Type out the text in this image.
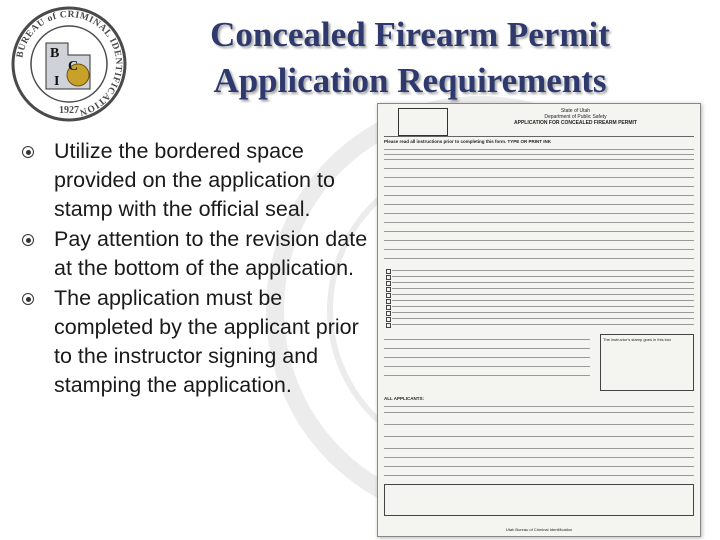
BUREAU of CRIMINAL IDENTIFICATION
B
C
I
1927
Concealed Firearm Permit
Application Requirements
Utilize the bordered space provided on the application to stamp with the official seal.
Pay attention to the revision date at the bottom of the application.
The application must be completed by the applicant prior to the instructor signing and stamping the application.
State of Utah
Department of Public Safety
APPLICATION FOR CONCEALED FIREARM PERMIT
Please read all instructions prior to completing this form. TYPE OR PRINT INK
The instructor's stamp goes in this box
ALL APPLICANTS:
Utah Bureau of Criminal Identification
